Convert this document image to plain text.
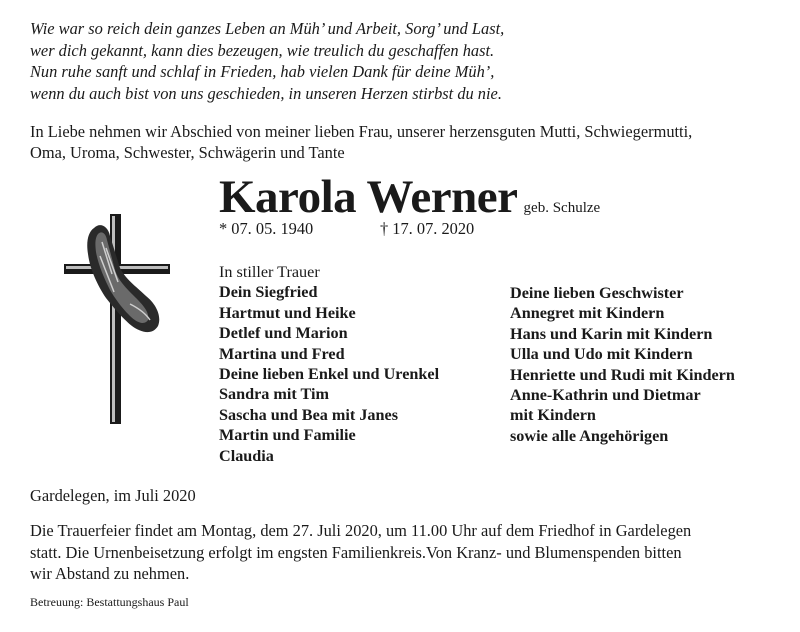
Wie war so reich dein ganzes Leben an Müh’ und Arbeit, Sorg’ und Last,
wer dich gekannt, kann dies bezeugen, wie treulich du geschaffen hast.
Nun ruhe sanft und schlaf in Frieden, hab vielen Dank für deine Müh’,
wenn du auch bist von uns geschieden, in unseren Herzen stirbst du nie.
In Liebe nehmen wir Abschied von meiner lieben Frau, unserer herzensguten Mutti, Schwiegermutti,
Oma, Uroma, Schwester, Schwägerin und Tante
Karola Werner geb. Schulze
* 07. 05. 1940	† 17. 07. 2020
In stiller Trauer
Dein Siegfried
Hartmut und Heike
Detlef und Marion
Martina und Fred
Deine lieben Enkel und Urenkel
Sandra mit Tim
Sascha und Bea mit Janes
Martin und Familie
Claudia
Deine lieben Geschwister
Annegret mit Kindern
Hans und Karin mit Kindern
Ulla und Udo mit Kindern
Henriette und Rudi mit Kindern
Anne-Kathrin und Dietmar
mit Kindern
sowie alle Angehörigen
Gardelegen, im Juli 2020
Die Trauerfeier findet am Montag, dem 27. Juli 2020, um 11.00 Uhr auf dem Friedhof in Gardelegen
statt. Die Urnenbeisetzung erfolgt im engsten Familienkreis.Von Kranz- und Blumenspenden bitten
wir Abstand zu nehmen.
Betreuung: Bestattungshaus Paul
